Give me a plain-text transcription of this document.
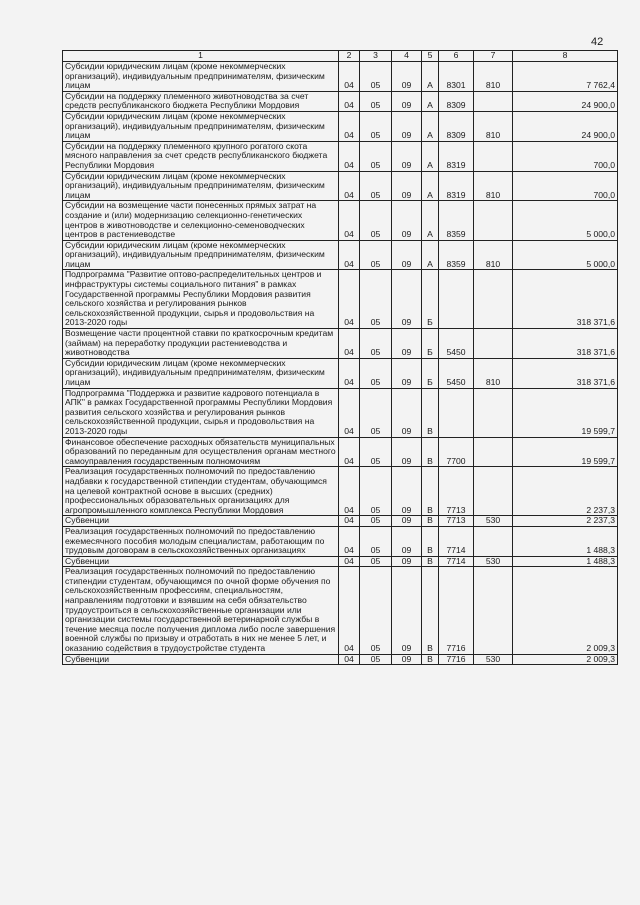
42
1	2	3	4	5	6	7	8
Субсидии юридическим лицам (кроме некоммерческих организаций), индивидуальным предпринимателям, физическим лицам	04	05	09	А	8301	810	7 762,4
Субсидии на поддержку племенного животноводства за счет средств республиканского бюджета Республики Мордовия	04	05	09	А	8309		24 900,0
Субсидии юридическим лицам (кроме некоммерческих организаций), индивидуальным предпринимателям, физическим лицам	04	05	09	А	8309	810	24 900,0
Субсидии на поддержку племенного крупного рогатого скота мясного направления за счет средств республиканского бюджета Республики Мордовия	04	05	09	А	8319		700,0
Субсидии юридическим лицам (кроме некоммерческих организаций), индивидуальным предпринимателям, физическим лицам	04	05	09	А	8319	810	700,0
Субсидии на возмещение части понесенных прямых затрат на создание и (или) модернизацию селекционно-генетических центров в животноводстве и селекционно-семеноводческих центров в растениеводстве	04	05	09	А	8359		5 000,0
Субсидии юридическим лицам (кроме некоммерческих организаций), индивидуальным предпринимателям, физическим лицам	04	05	09	А	8359	810	5 000,0
Подпрограмма "Развитие оптово-распределительных центров и инфраструктуры системы социального питания" в рамках Государственной программы Республики Мордовия развития сельского хозяйства и регулирования рынков сельскохозяйственной продукции, сырья и продовольствия на 2013-2020 годы	04	05	09	Б			318 371,6
Возмещение части процентной ставки по краткосрочным кредитам (займам) на переработку продукции растениеводства и животноводства	04	05	09	Б	5450		318 371,6
Субсидии юридическим лицам (кроме некоммерческих организаций), индивидуальным предпринимателям, физическим лицам	04	05	09	Б	5450	810	318 371,6
Подпрограмма "Поддержка и развитие кадрового потенциала в АПК" в рамках Государственной программы Республики Мордовия развития сельского хозяйства и регулирования рынков сельскохозяйственной продукции, сырья и продовольствия на 2013-2020 годы	04	05	09	В			19 599,7
Финансовое обеспечение расходных обязательств муниципальных образований по переданным для осуществления органам местного самоуправления государственным полномочиям	04	05	09	В	7700		19 599,7
Реализация государственных полномочий по предоставлению надбавки к государственной стипендии студентам, обучающимся на целевой контрактной основе в высших (средних) профессиональных образовательных организациях для агропромышленного комплекса Республики Мордовия	04	05	09	В	7713		2 237,3
Субвенции	04	05	09	В	7713	530	2 237,3
Реализация государственных полномочий по предоставлению ежемесячного пособия молодым специалистам, работающим по трудовым договорам в сельскохозяйственных организациях	04	05	09	В	7714		1 488,3
Субвенции	04	05	09	В	7714	530	1 488,3
Реализация государственных полномочий по предоставлению стипендии студентам, обучающимся по очной форме обучения по сельскохозяйственным профессиям, специальностям, направлениям подготовки и взявшим на себя обязательство трудоустроиться в сельскохозяйственные организации или организации системы государственной ветеринарной службы в течение месяца после получения диплома либо после завершения военной службы по призыву и отработать в них не менее 5 лет, и оказанию содействия в трудоустройстве студента	04	05	09	В	7716		2 009,3
Субвенции	04	05	09	В	7716	530	2 009,3
